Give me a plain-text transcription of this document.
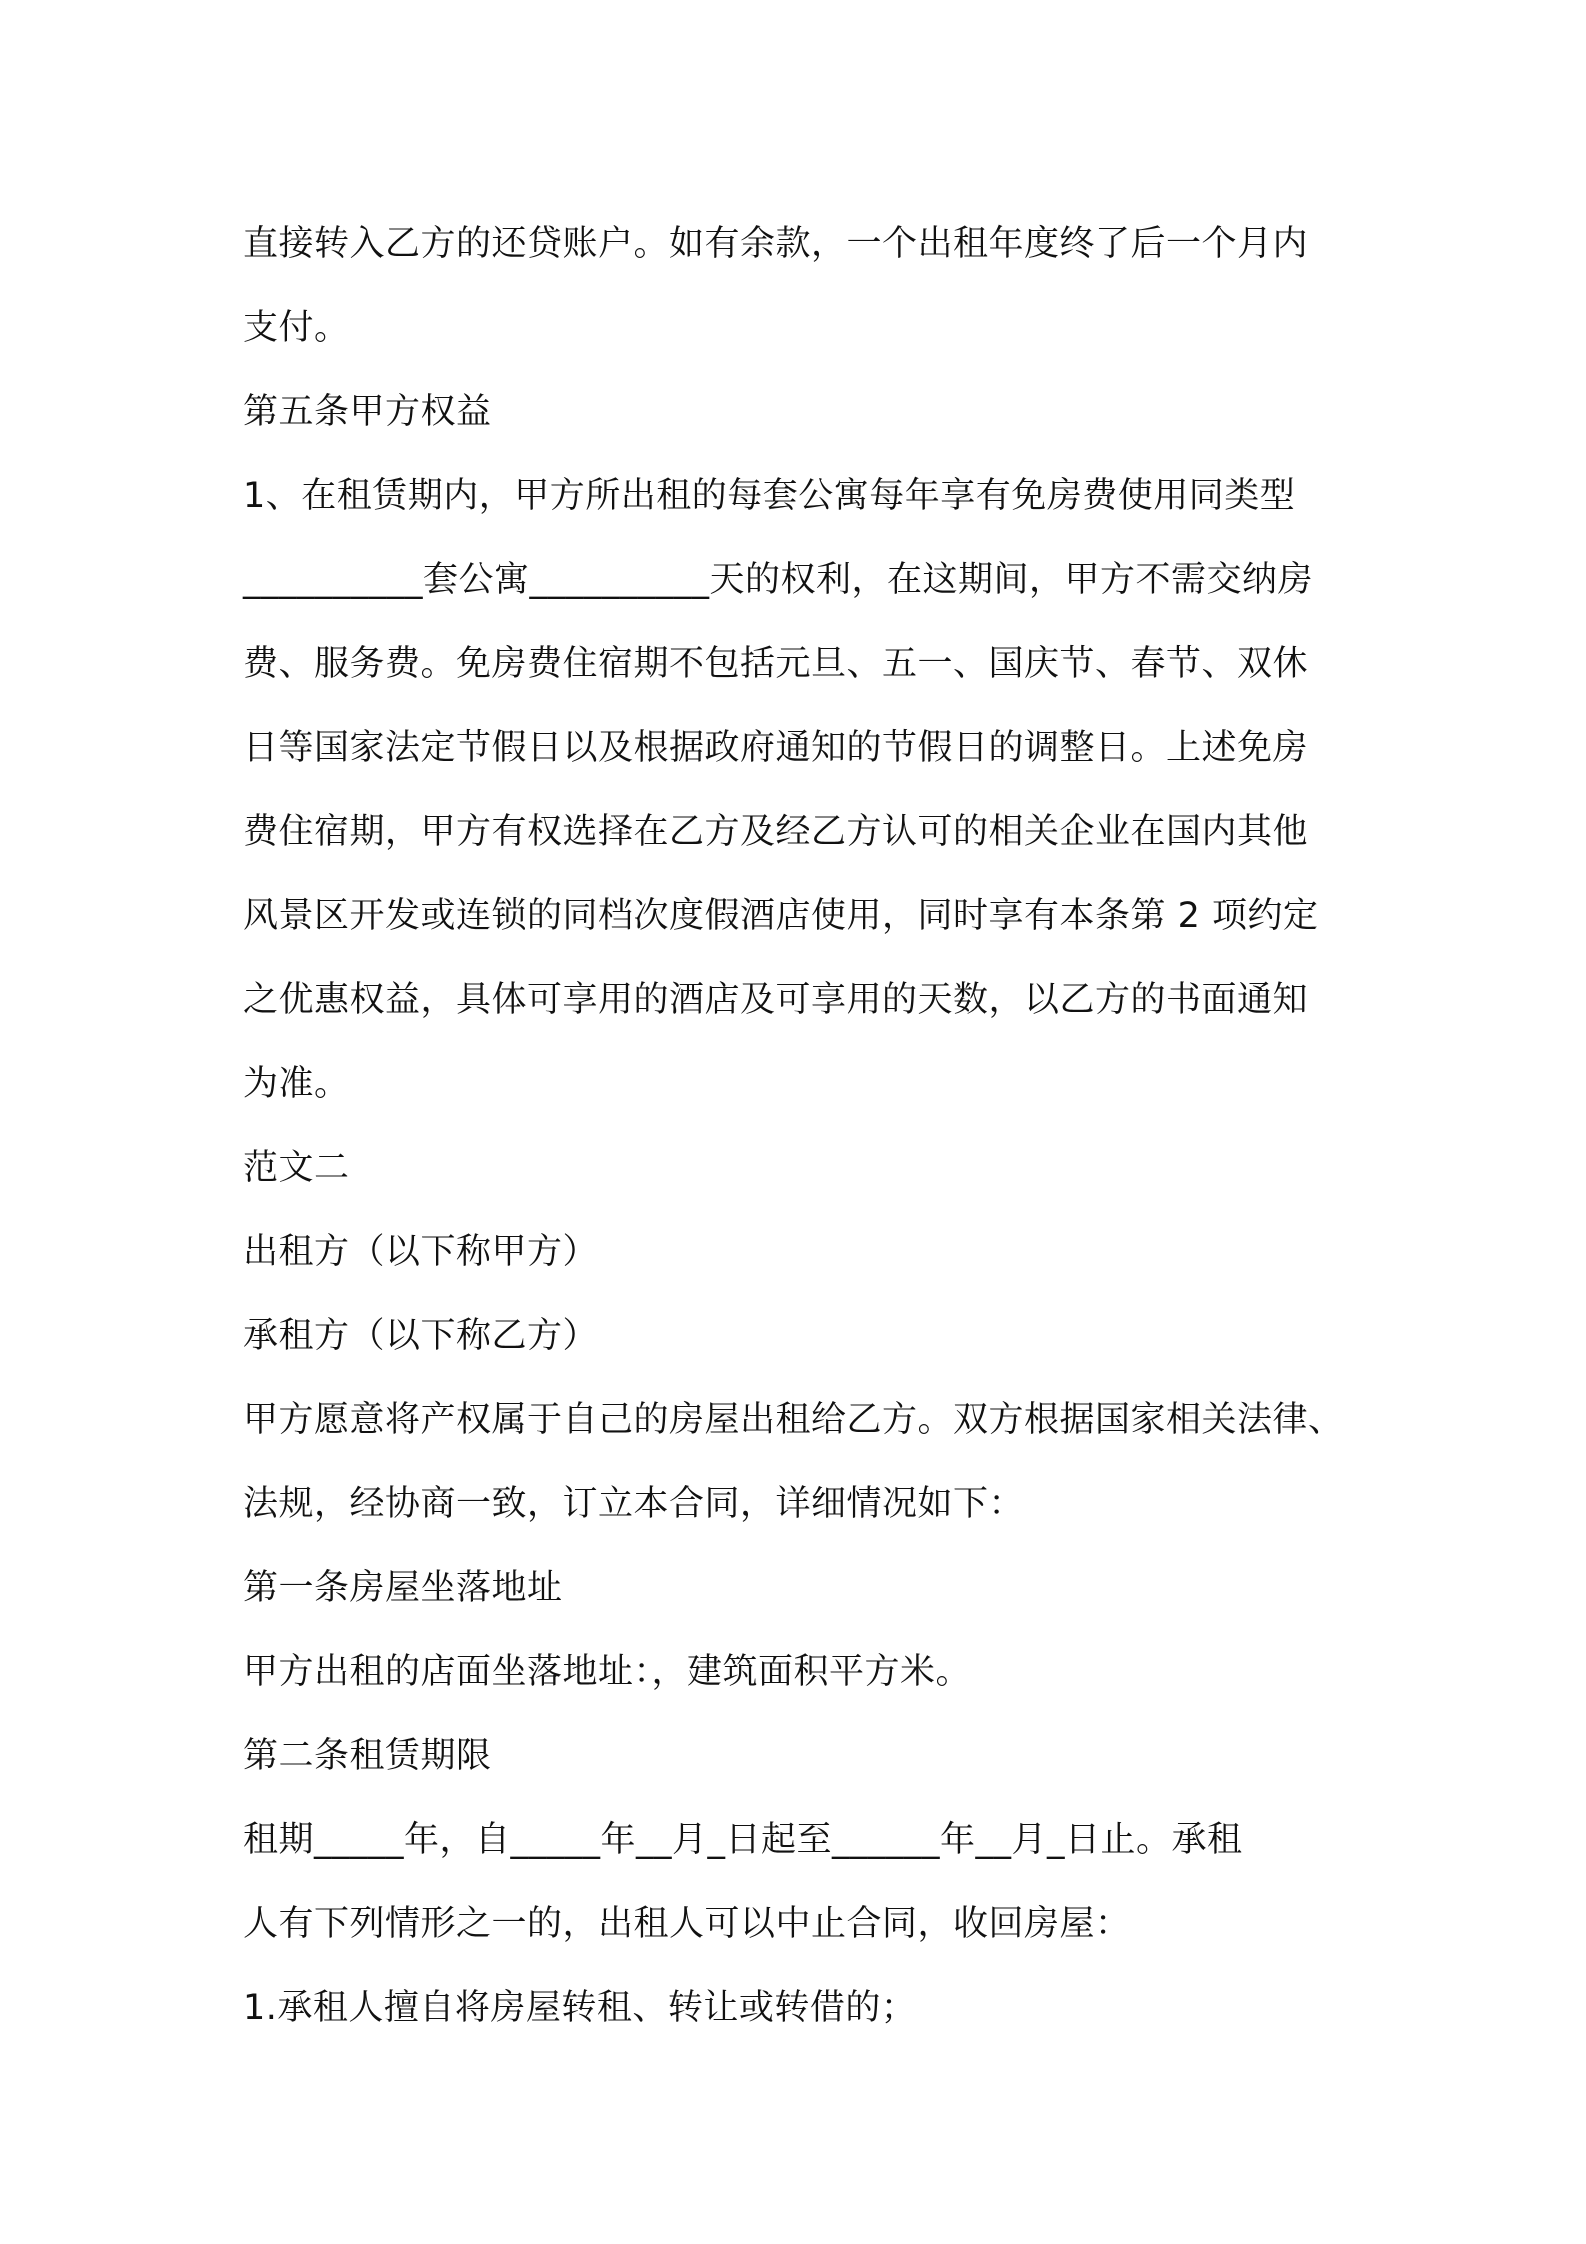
直接转入乙方的还贷账户。如有余款，一个出租年度终了后一个月内

支付。

第五条甲方权益

1、在租赁期内，甲方所出租的每套公寓每年享有免房费使用同类型

__________套公寓__________天的权利，在这期间，甲方不需交纳房

费、服务费。免房费住宿期不包括元旦、五一、国庆节、春节、双休

日等国家法定节假日以及根据政府通知的节假日的调整日。上述免房

费住宿期，甲方有权选择在乙方及经乙方认可的相关企业在国内其他

风景区开发或连锁的同档次度假酒店使用，同时享有本条第 2 项约定

之优惠权益，具体可享用的酒店及可享用的天数，以乙方的书面通知

为准。

范文二

出租方（以下称甲方）

承租方（以下称乙方）

甲方愿意将产权属于自己的房屋出租给乙方。双方根据国家相关法律、

法规，经协商一致，订立本合同，详细情况如下：

第一条房屋坐落地址

甲方出租的店面坐落地址：，建筑面积平方米。

第二条租赁期限

租期_____年，自_____年__月_日起至______年__月_日止。承租

人有下列情形之一的，出租人可以中止合同，收回房屋：

1.承租人擅自将房屋转租、转让或转借的；
